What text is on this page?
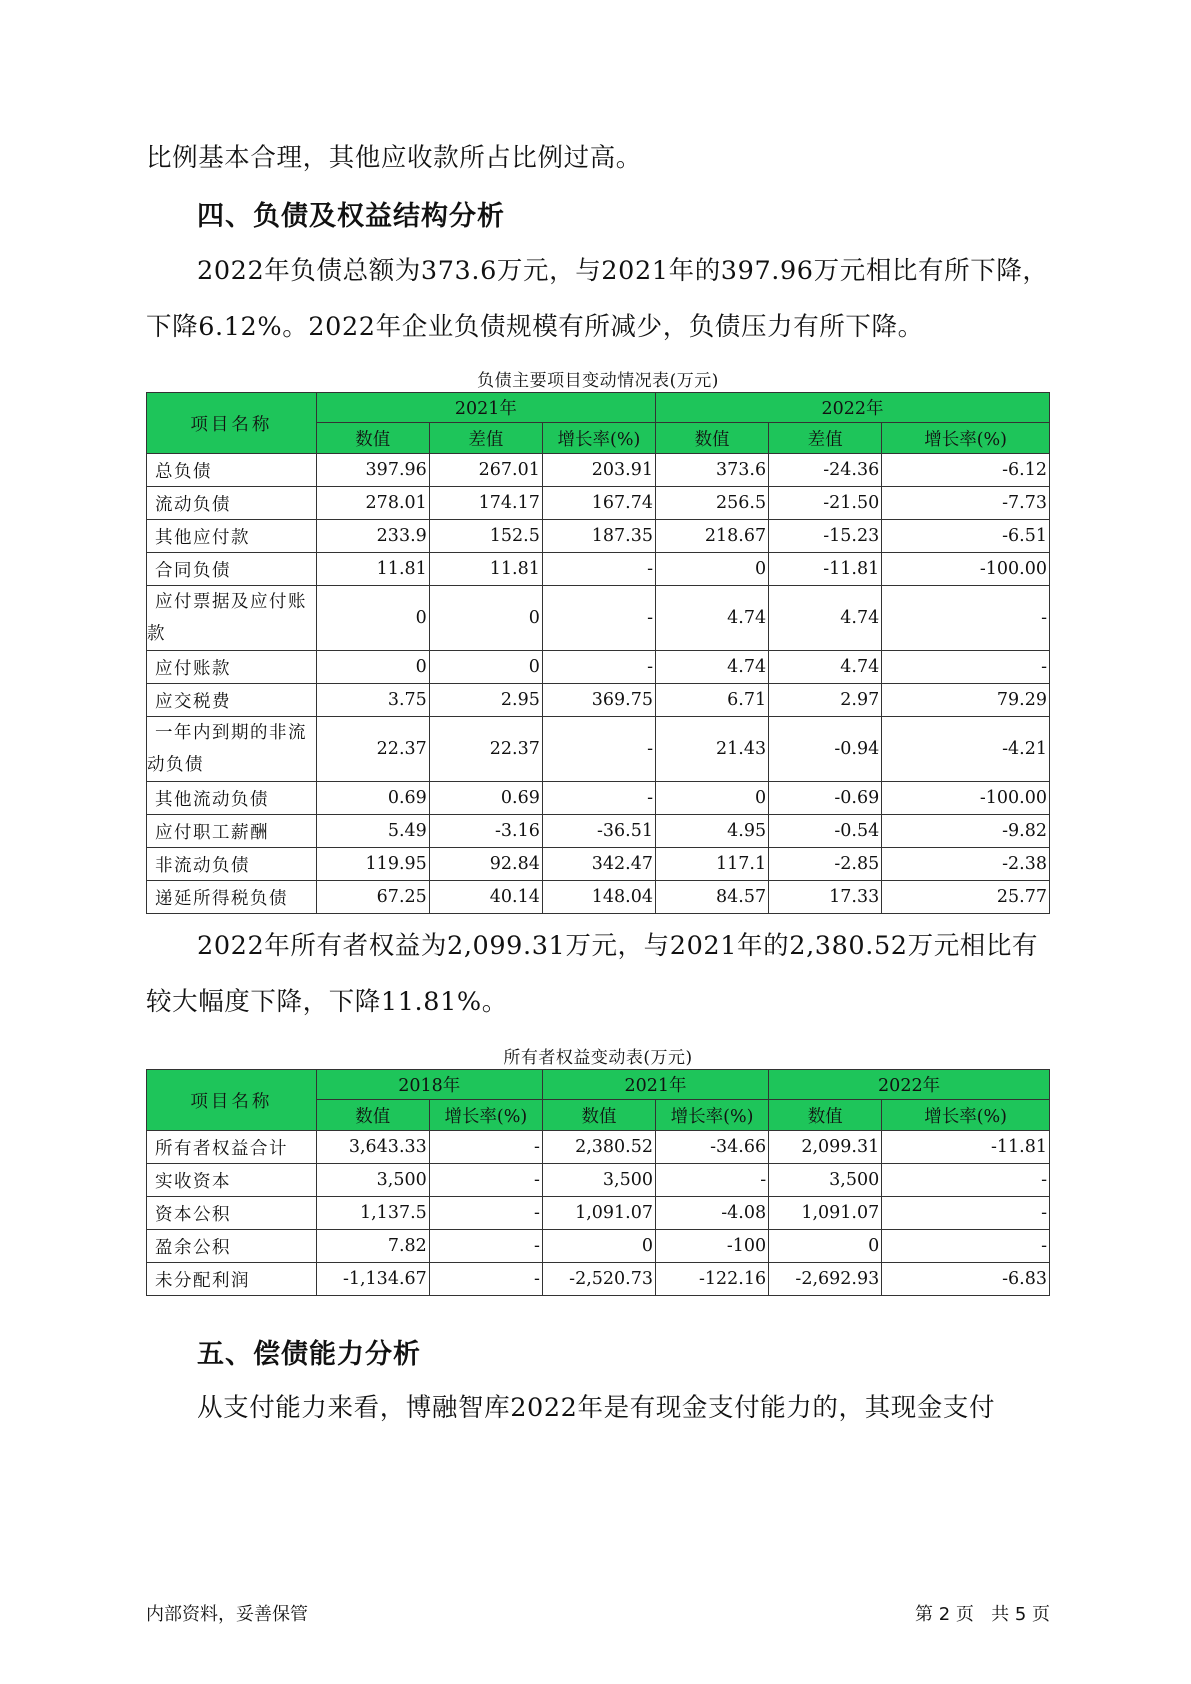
比例基本合理，其他应收款所占比例过高。
四、负债及权益结构分析
2022年负债总额为373.6万元，与2021年的397.96万元相比有所下降，下降6.12%。2022年企业负债规模有所减少，负债压力有所下降。
负债主要项目变动情况表(万元)
项目名称	2021年			2022年		
	数值	差值	增长率(%)	数值	差值	增长率(%)
总负债	397.96	267.01	203.91	373.6	-24.36	-6.12
流动负债	278.01	174.17	167.74	256.5	-21.50	-7.73
其他应付款	233.9	152.5	187.35	218.67	-15.23	-6.51
合同负债	11.81	11.81	-	0	-11.81	-100.00
应付票据及应付账款	0	0	-	4.74	4.74	-
应付账款	0	0	-	4.74	4.74	-
应交税费	3.75	2.95	369.75	6.71	2.97	79.29
一年内到期的非流动负债	22.37	22.37	-	21.43	-0.94	-4.21
其他流动负债	0.69	0.69	-	0	-0.69	-100.00
应付职工薪酬	5.49	-3.16	-36.51	4.95	-0.54	-9.82
非流动负债	119.95	92.84	342.47	117.1	-2.85	-2.38
递延所得税负债	67.25	40.14	148.04	84.57	17.33	25.77
2022年所有者权益为2,099.31万元，与2021年的2,380.52万元相比有较大幅度下降，下降11.81%。
所有者权益变动表(万元)
项目名称	2018年		2021年		2022年	
	数值	增长率(%)	数值	增长率(%)	数值	增长率(%)
所有者权益合计	3,643.33	-	2,380.52	-34.66	2,099.31	-11.81
实收资本	3,500	-	3,500	-	3,500	-
资本公积	1,137.5	-	1,091.07	-4.08	1,091.07	-
盈余公积	7.82	-	0	-100	0	-
未分配利润	-1,134.67	-	-2,520.73	-122.16	-2,692.93	-6.83
五、偿债能力分析
从支付能力来看，博融智库2022年是有现金支付能力的，其现金支付
内部资料，妥善保管	第 2 页   共 5 页
